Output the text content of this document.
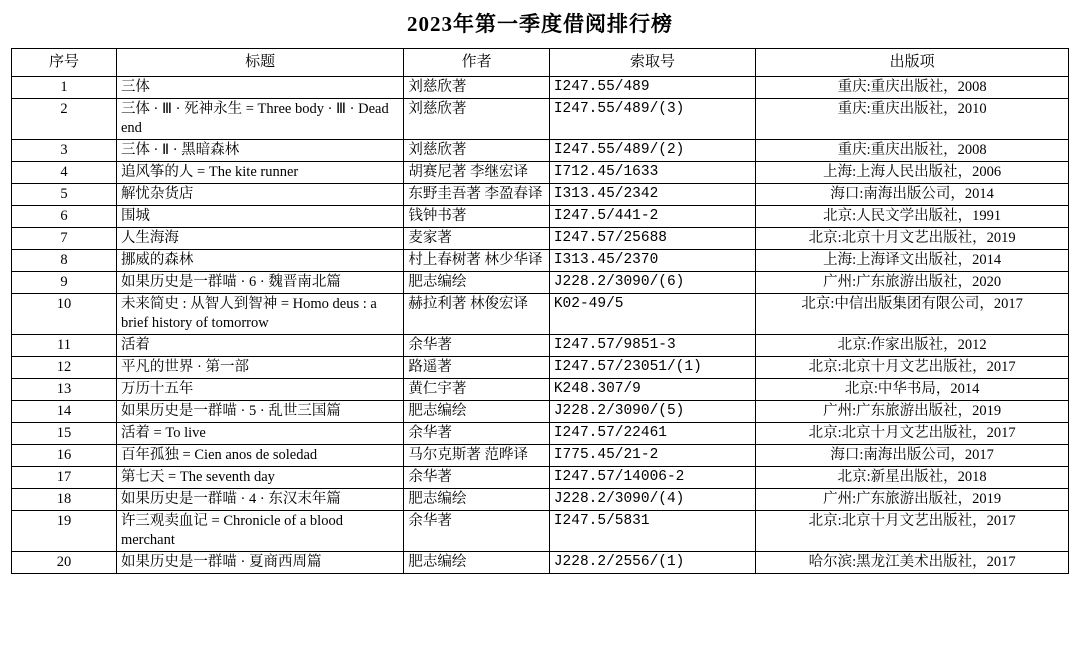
2023年第一季度借阅排行榜
序号	标题	作者	索取号	出版项
1	三体	刘慈欣著	I247.55/489	重庆:重庆出版社，2008
2	三体 · Ⅲ · 死神永生 = Three body · Ⅲ · Dead end	刘慈欣著	I247.55/489/(3)	重庆:重庆出版社，2010
3	三体 · Ⅱ · 黑暗森林	刘慈欣著	I247.55/489/(2)	重庆:重庆出版社，2008
4	追风筝的人 = The kite runner	胡赛尼著 李继宏译	I712.45/1633	上海:上海人民出版社，2006
5	解忧杂货店	东野圭吾著 李盈春译	I313.45/2342	海口:南海出版公司，2014
6	围城	钱钟书著	I247.5/441-2	北京:人民文学出版社，1991
7	人生海海	麦家著	I247.57/25688	北京:北京十月文艺出版社，2019
8	挪威的森林	村上春树著 林少华译	I313.45/2370	上海:上海译文出版社，2014
9	如果历史是一群喵 · 6 · 魏晋南北篇	肥志编绘	J228.2/3090/(6)	广州:广东旅游出版社，2020
10	未来简史 : 从智人到智神 = Homo deus : a brief history of tomorrow	赫拉利著 林俊宏译	K02-49/5	北京:中信出版集团有限公司，2017
11	活着	余华著	I247.57/9851-3	北京:作家出版社，2012
12	平凡的世界 · 第一部	路遥著	I247.57/23051/(1)	北京:北京十月文艺出版社，2017
13	万历十五年	黄仁宇著	K248.307/9	北京:中华书局，2014
14	如果历史是一群喵 · 5 · 乱世三国篇	肥志编绘	J228.2/3090/(5)	广州:广东旅游出版社，2019
15	活着 = To live	余华著	I247.57/22461	北京:北京十月文艺出版社，2017
16	百年孤独 = Cien anos de soledad	马尔克斯著 范晔译	I775.45/21-2	海口:南海出版公司，2017
17	第七天 = The seventh day	余华著	I247.57/14006-2	北京:新星出版社，2018
18	如果历史是一群喵 · 4 · 东汉末年篇	肥志编绘	J228.2/3090/(4)	广州:广东旅游出版社，2019
19	许三观卖血记 = Chronicle of a blood merchant	余华著	I247.5/5831	北京:北京十月文艺出版社，2017
20	如果历史是一群喵 · 夏商西周篇	肥志编绘	J228.2/2556/(1)	哈尔滨:黑龙江美术出版社，2017
